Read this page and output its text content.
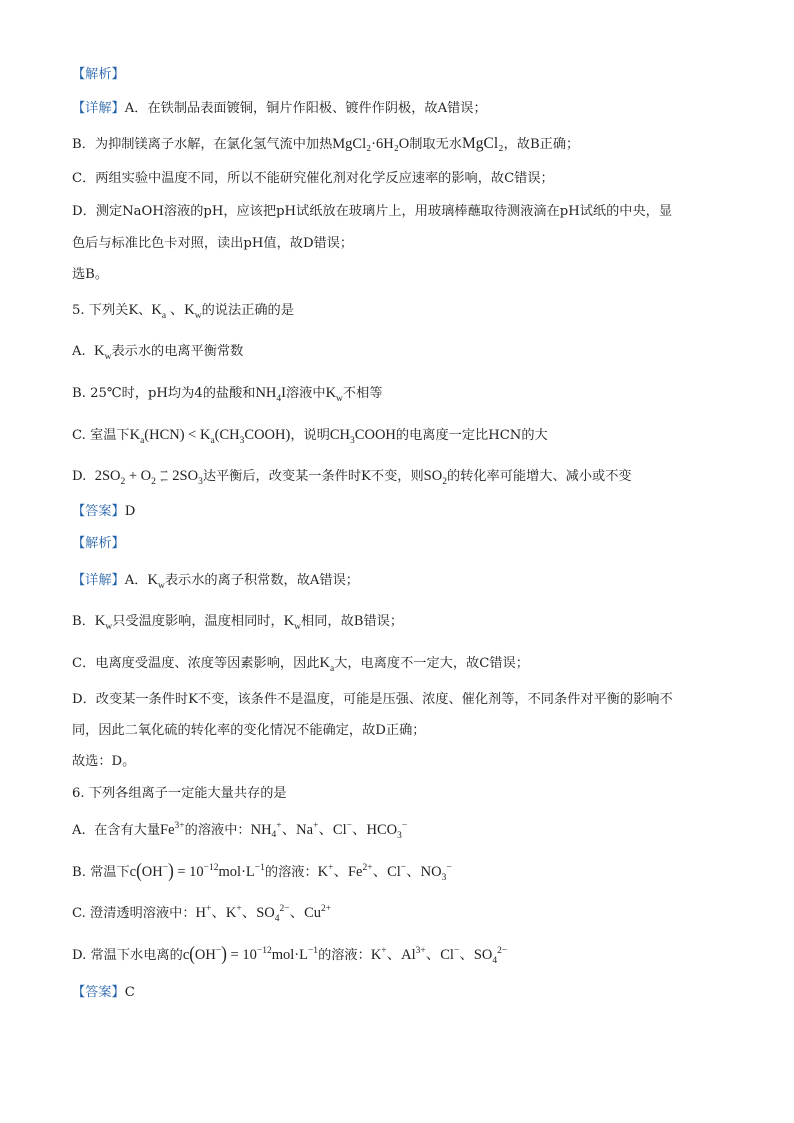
【解析】
【详解】A．在铁制品表面镀铜，铜片作阳极、镀件作阴极，故A错误；
B．为抑制镁离子水解，在氯化氢气流中加热MgCl₂·6H₂O制取无水MgCl₂，故B正确；
C．两组实验中温度不同，所以不能研究催化剂对化学反应速率的影响，故C错误；
D．测定NaOH溶液的pH，应该把pH试纸放在玻璃片上，用玻璃棒蘸取待测液滴在pH试纸的中央，显
色后与标准比色卡对照，读出pH值，故D错误；
选B。
5. 下列关K、$K_a$ 、$K_w$的说法正确的是
A.  $K_w$表示水的电离平衡常数
B. 25℃时，pH均为4的盐酸和$NH_4I$溶液中$K_w$不相等
C. 室温下$K_a(HCN)$ < $K_a(CH_3COOH)$，说明$CH_3COOH$的电离度一定比HCN的大
D.  $2SO_2 + O_2$
⇀
↽ $2SO_3$达平衡后，改变某一条件时K不变，则$SO_2$的转化率可能增大、减小或不变
【答案】D
【解析】
【详解】A．$K_w$表示水的离子积常数，故A错误；
B．$K_w$只受温度影响，温度相同时，$K_w$相同，故B错误；
C．电离度受温度、浓度等因素影响，因此$K_a$大，电离度不一定大，故C错误；
D．改变某一条件时K不变，该条件不是温度，可能是压强、浓度、催化剂等，不同条件对平衡的影响不
同，因此二氧化硫的转化率的变化情况不能确定，故D正确；
故选：D。
6. 下列各组离子一定能大量共存的是
A.  在含有大量$Fe^{3+}$的溶液中：$NH_4^+$、Na+、Cl−、$HCO_3^-$
B. 常温下$c(OH^-) = 10^{-12}mol\cdot L^{-1}$的溶液：K+、$Fe^{2+}$、Cl−、$NO_3^-$
C. 澄清透明溶液中：H+、K+、$SO_4^{2-}$、$Cu^{2+}$
D. 常温下水电离的$c(OH^-) = 10^{-12}mol\cdot L^{-1}$的溶液：K+、$Al^{3+}$、Cl−、$SO_4^{2-}$
【答案】C
